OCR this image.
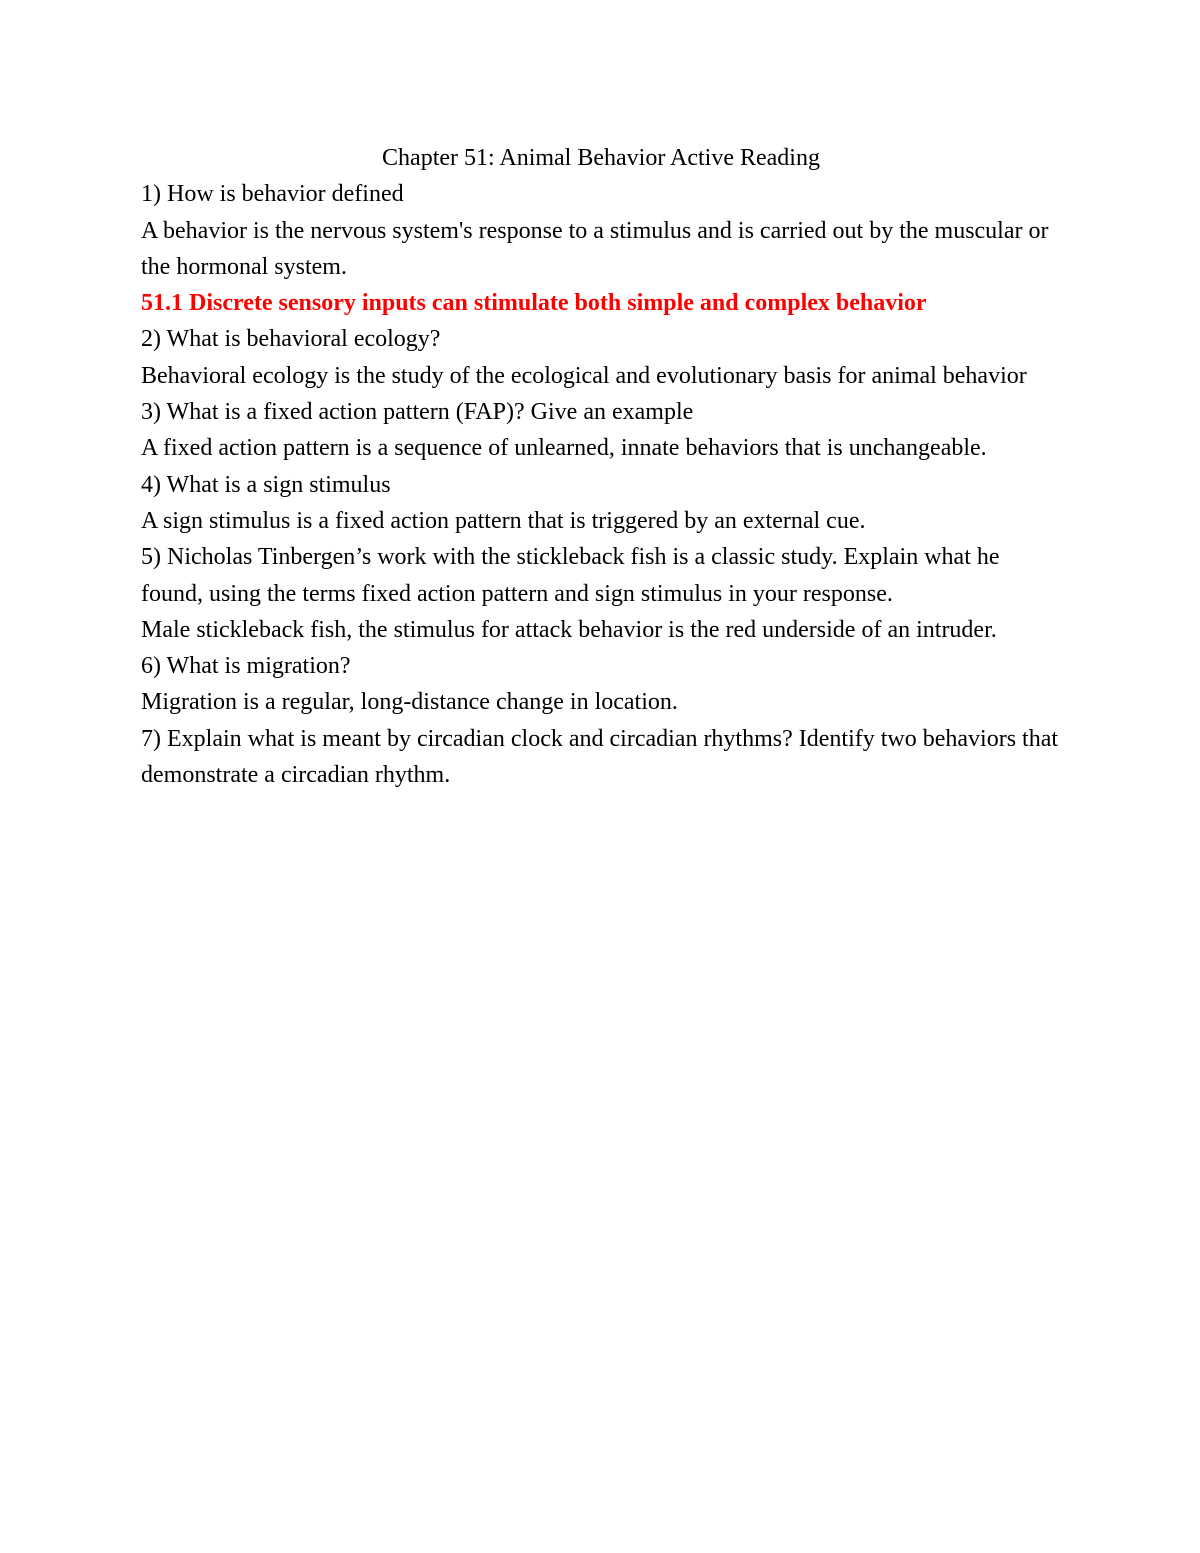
Chapter 51: Animal Behavior Active Reading

1) How is behavior defined

A behavior is the nervous system's response to a stimulus and is carried out by the muscular or the hormonal system.

51.1 Discrete sensory inputs can stimulate both simple and complex behavior

2) What is behavioral ecology?

Behavioral ecology is the study of the ecological and evolutionary basis for animal behavior

3) What is a fixed action pattern (FAP)? Give an example

A fixed action pattern is a sequence of unlearned, innate behaviors that is unchangeable.

4) What is a sign stimulus

A sign stimulus is a fixed action pattern that is triggered by an external cue.

5) Nicholas Tinbergen’s work with the stickleback fish is a classic study. Explain what he found, using the terms fixed action pattern and sign stimulus in your response.

Male stickleback fish, the stimulus for attack behavior is the red underside of an intruder.

6) What is migration?

Migration is a regular, long-distance change in location.

7) Explain what is meant by circadian clock and circadian rhythms? Identify two behaviors that demonstrate a circadian rhythm.
